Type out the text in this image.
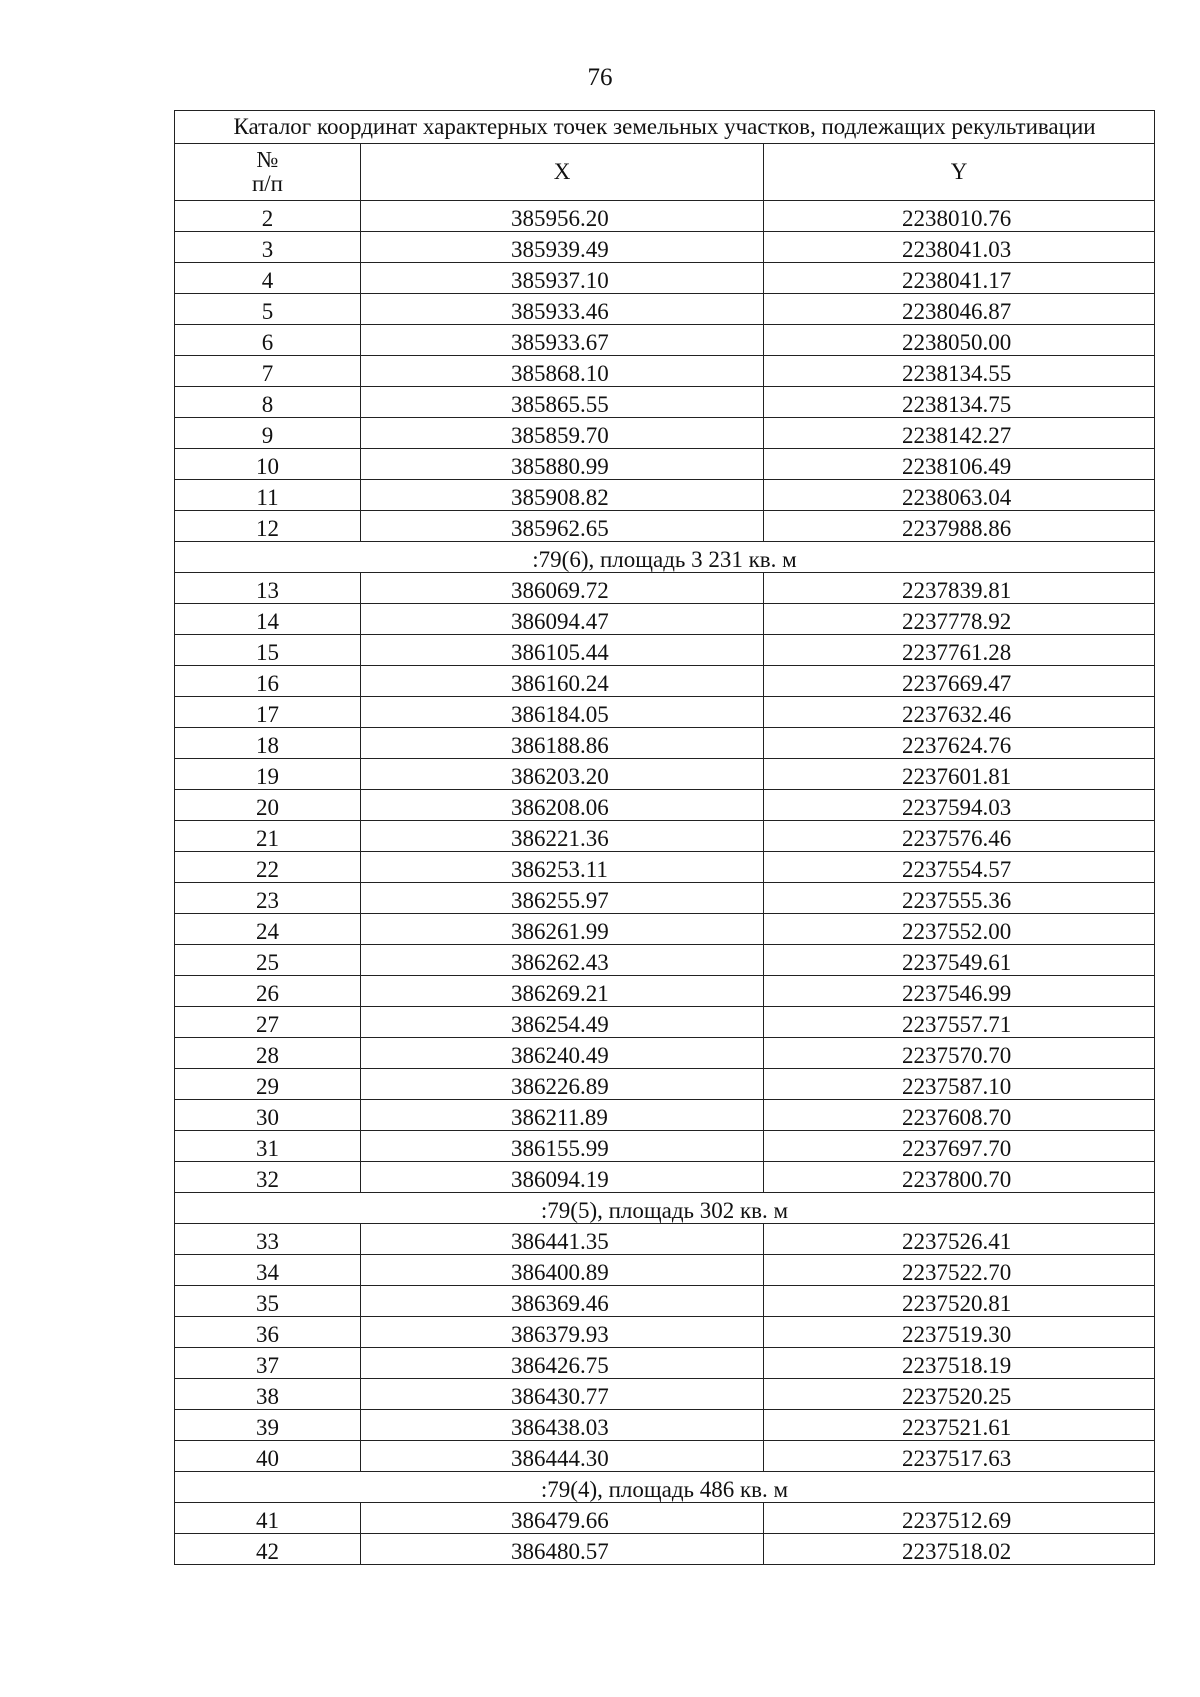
76
Каталог координат характерных точек земельных участков, подлежащих рекультивации		

№
п/п	X	Y
2	385956.20	2238010.76
3	385939.49	2238041.03
4	385937.10	2238041.17
5	385933.46	2238046.87
6	385933.67	2238050.00
7	385868.10	2238134.55
8	385865.55	2238134.75
9	385859.70	2238142.27
10	385880.99	2238106.49
11	385908.82	2238063.04
12	385962.65	2237988.86
:79(6), площадь 3 231 кв. м		
13	386069.72	2237839.81
14	386094.47	2237778.92
15	386105.44	2237761.28
16	386160.24	2237669.47
17	386184.05	2237632.46
18	386188.86	2237624.76
19	386203.20	2237601.81
20	386208.06	2237594.03
21	386221.36	2237576.46
22	386253.11	2237554.57
23	386255.97	2237555.36
24	386261.99	2237552.00
25	386262.43	2237549.61
26	386269.21	2237546.99
27	386254.49	2237557.71
28	386240.49	2237570.70
29	386226.89	2237587.10
30	386211.89	2237608.70
31	386155.99	2237697.70
32	386094.19	2237800.70
:79(5), площадь 302 кв. м		
33	386441.35	2237526.41
34	386400.89	2237522.70
35	386369.46	2237520.81
36	386379.93	2237519.30
37	386426.75	2237518.19
38	386430.77	2237520.25
39	386438.03	2237521.61
40	386444.30	2237517.63
:79(4), площадь 486 кв. м		
41	386479.66	2237512.69
42	386480.57	2237518.02
